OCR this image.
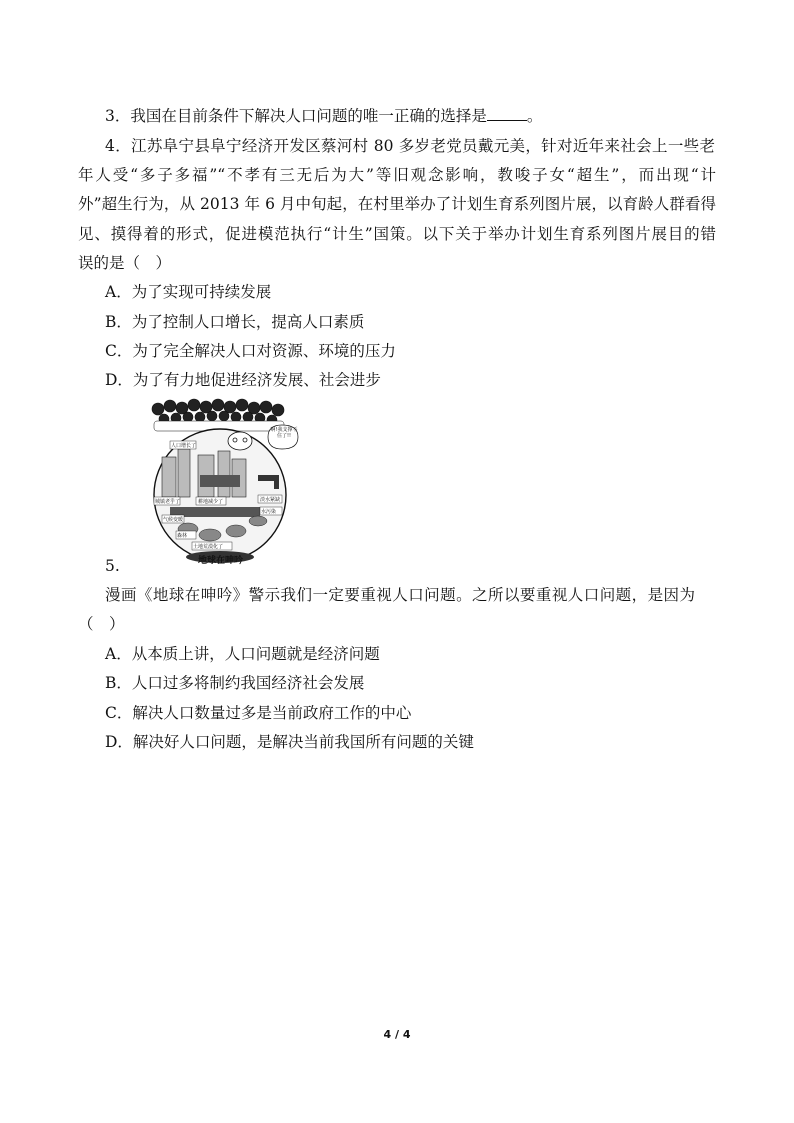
3．我国在目前条件下解决人口问题的唯一正确的选择是	。
4．江苏阜宁县阜宁经济开发区蔡河村 80 多岁老党员戴元美，针对近年来社会上一些老
年人受“多子多福”“不孝有三无后为大”等旧观念影响，教唆子女“超生”，而出现“计
外”超生行为，从 2013 年 6 月中旬起，在村里举办了计划生育系列图片展，以育龄人群看得
见、摸得着的形式，促进模范执行“计生”国策。以下关于举办计划生育系列图片展目的错
误的是（　）
A．为了实现可持续发展
B．为了控制人口增长，提高人口素质
C．为了完全解决人口对资源、环境的压力
D．为了有力地促进经济发展、社会进步
啊!我支撑不住了!!
人口增长了
城镇老乎了	耕地减少了	淡水紧缺
气候变暖
土地荒漠化了
水污染
森林
地球在呻吟
5.
漫画《地球在呻吟》警示我们一定要重视人口问题。之所以要重视人口问题，是因为
（　）
A．从本质上讲，人口问题就是经济问题
B．人口过多将制约我国经济社会发展
C．解决人口数量过多是当前政府工作的中心
D．解决好人口问题，是解决当前我国所有问题的关键
4 / 4
